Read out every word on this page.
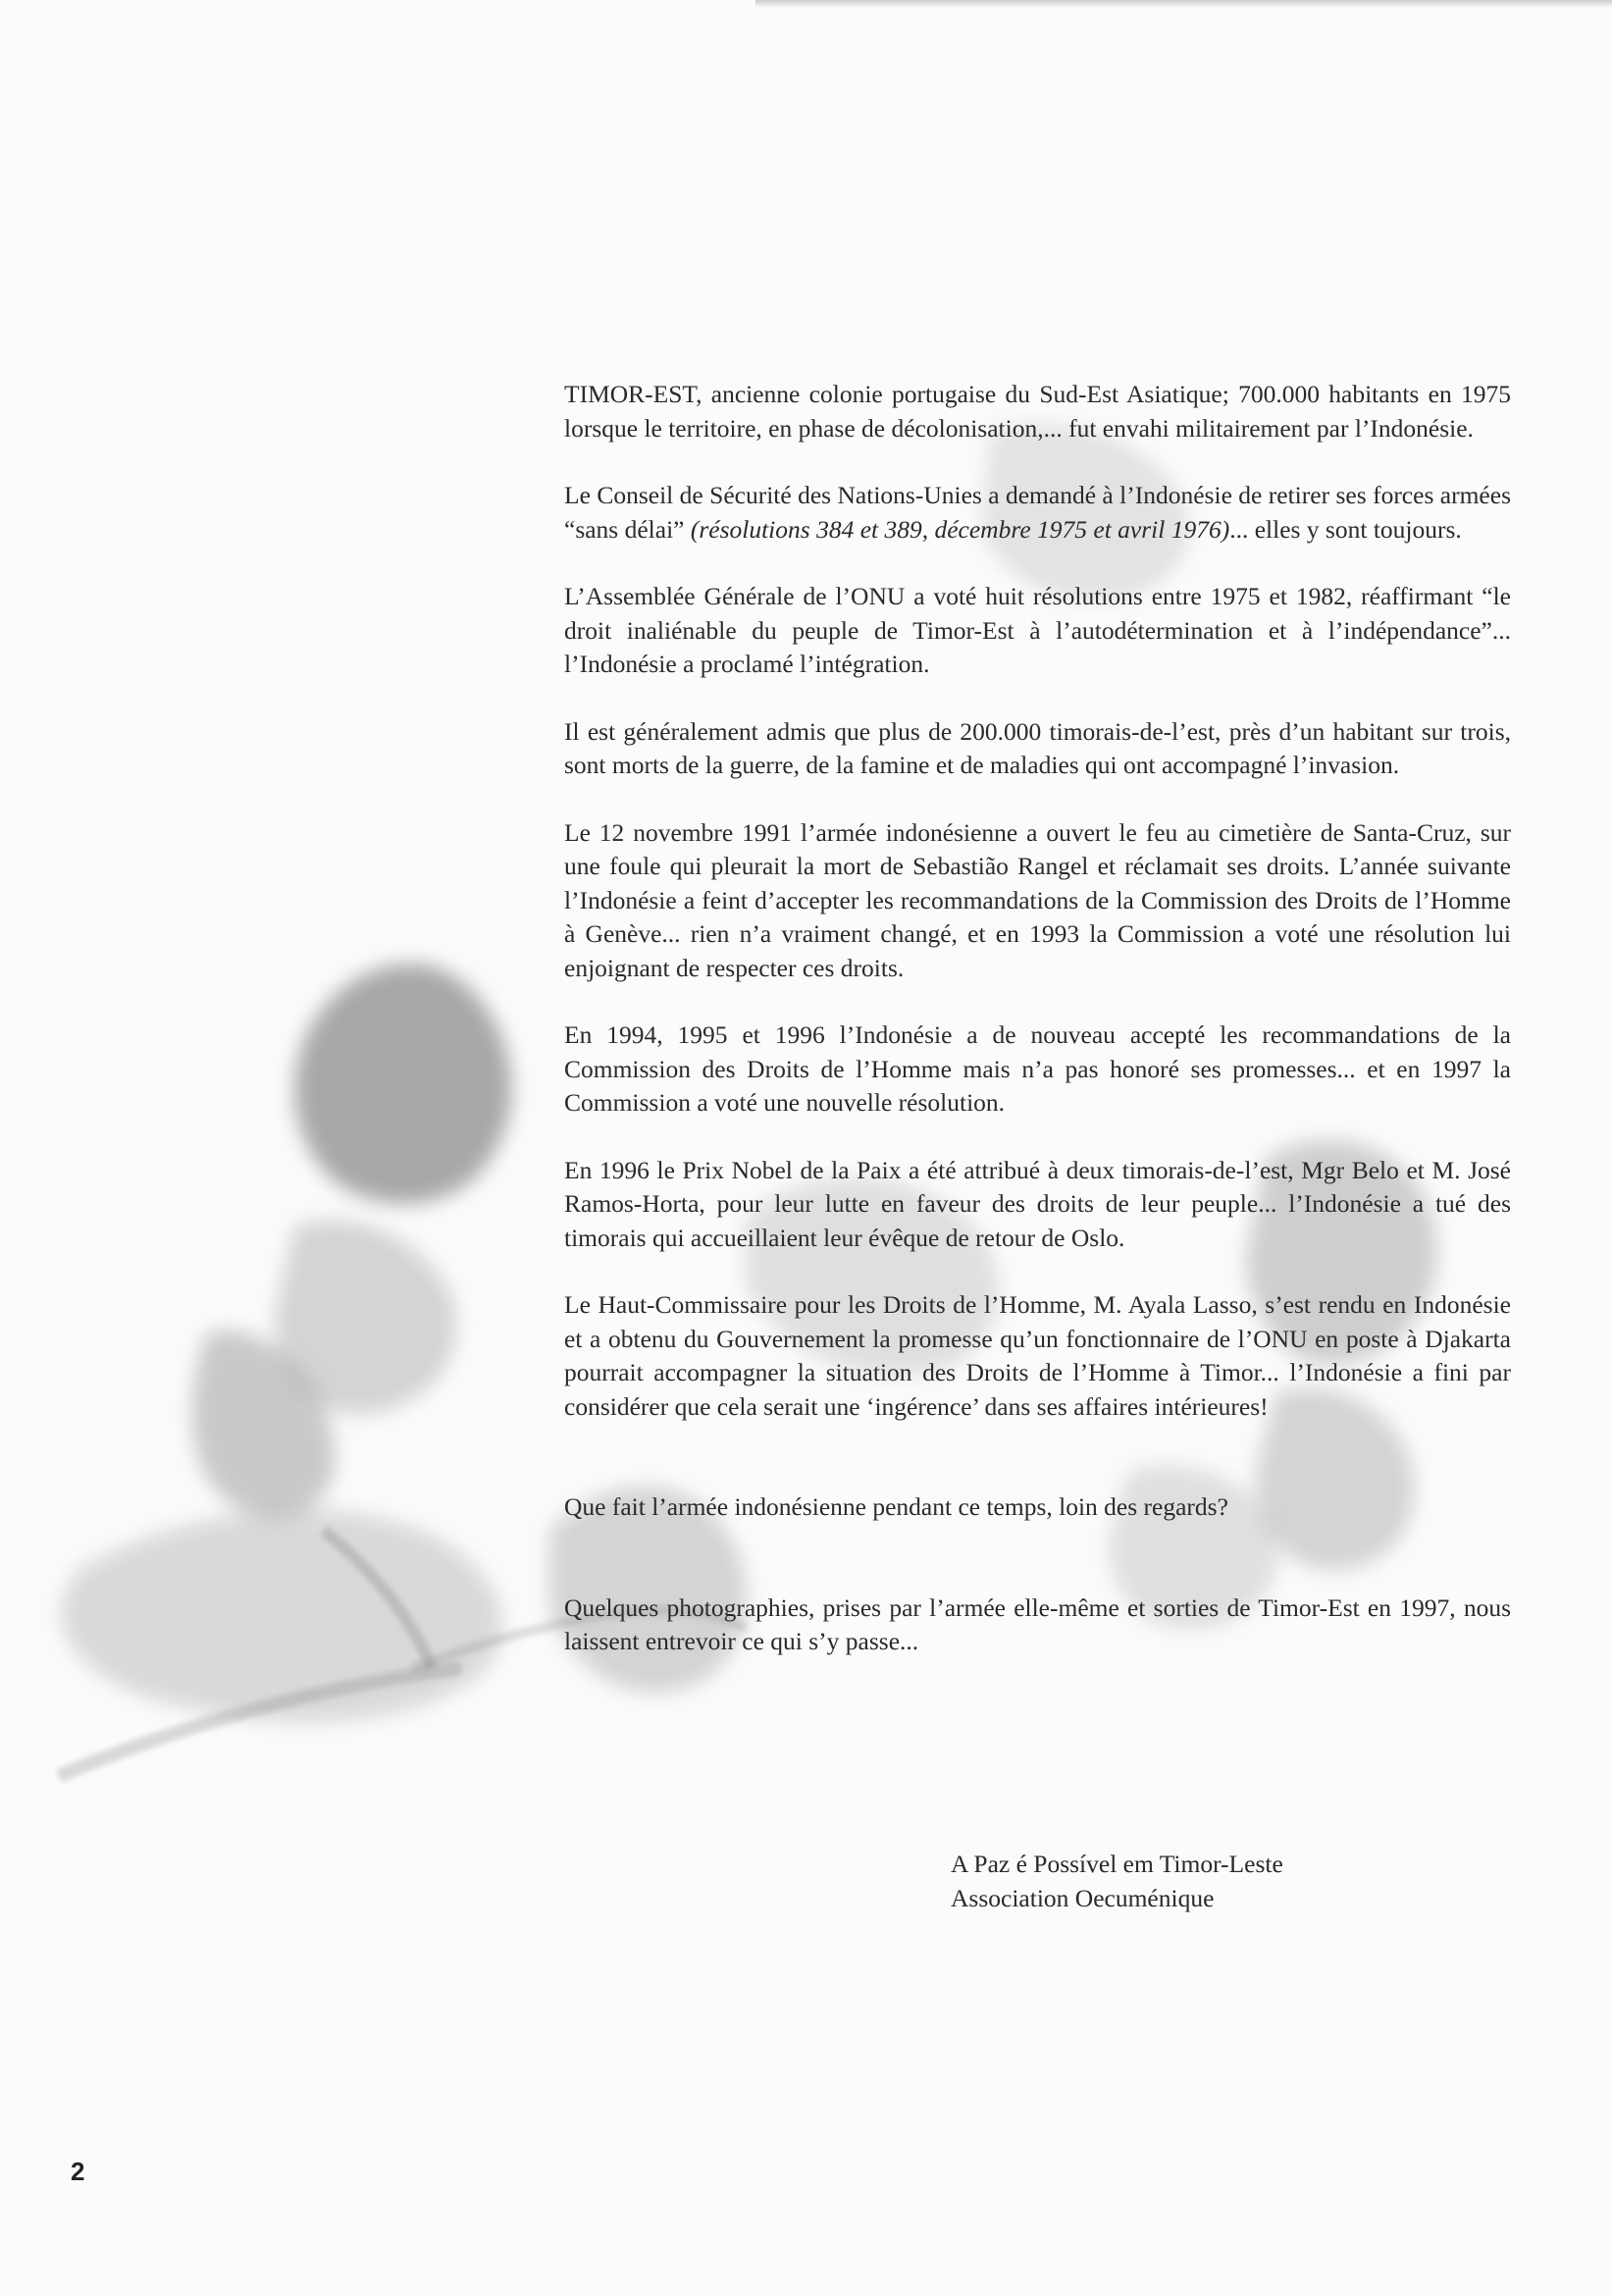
TIMOR-EST, ancienne colonie portugaise du Sud-Est Asiatique; 700.000 habitants en 1975 lorsque le territoire, en phase de décolonisation,... fut envahi militairement par l’Indonésie.

Le Conseil de Sécurité des Nations-Unies a demandé à l’Indonésie de retirer ses forces armées “sans délai” (résolutions 384 et 389, décembre 1975 et avril 1976)... elles y sont toujours.

L’Assemblée Générale de l’ONU a voté huit résolutions entre 1975 et 1982, réaffirmant “le droit inaliénable du peuple de Timor-Est à l’autodétermination et à l’indépendance”... l’Indonésie a proclamé l’intégration.

Il est généralement admis que plus de 200.000 timorais-de-l’est, près d’un habitant sur trois, sont morts de la guerre, de la famine et de maladies qui ont accompagné l’invasion.

Le 12 novembre 1991 l’armée indonésienne a ouvert le feu au cimetière de Santa-Cruz, sur une foule qui pleurait la mort de Sebastião Rangel et réclamait ses droits. L’année suivante l’Indonésie a feint d’accepter les recommandations de la Commission des Droits de l’Homme à Genève... rien n’a vraiment changé, et en 1993 la Commission a voté une résolution lui enjoignant de respecter ces droits.

En 1994, 1995 et 1996 l’Indonésie a de nouveau accepté les recommandations de la Commission des Droits de l’Homme mais n’a pas honoré ses promesses... et en 1997 la Commission a voté une nouvelle résolution.

En 1996 le Prix Nobel de la Paix a été attribué à deux timorais-de-l’est, Mgr Belo et M. José Ramos-Horta, pour leur lutte en faveur des droits de leur peuple... l’Indonésie a tué des timorais qui accueillaient leur évêque de retour de Oslo.

Le Haut-Commissaire pour les Droits de l’Homme, M. Ayala Lasso, s’est rendu en Indonésie et a obtenu du Gouvernement la promesse qu’un fonctionnaire de l’ONU en poste à Djakarta pourrait accompagner la situation des Droits de l’Homme à Timor... l’Indonésie a fini par considérer que cela serait une ‘ingérence’ dans ses affaires intérieures!

Que fait l’armée indonésienne pendant ce temps, loin des regards?

Quelques photographies, prises par l’armée elle-même et sorties de Timor-Est en 1997, nous laissent entrevoir ce qui s’y passe...

A Paz é Possível em Timor-Leste
Association Oecuménique
2
